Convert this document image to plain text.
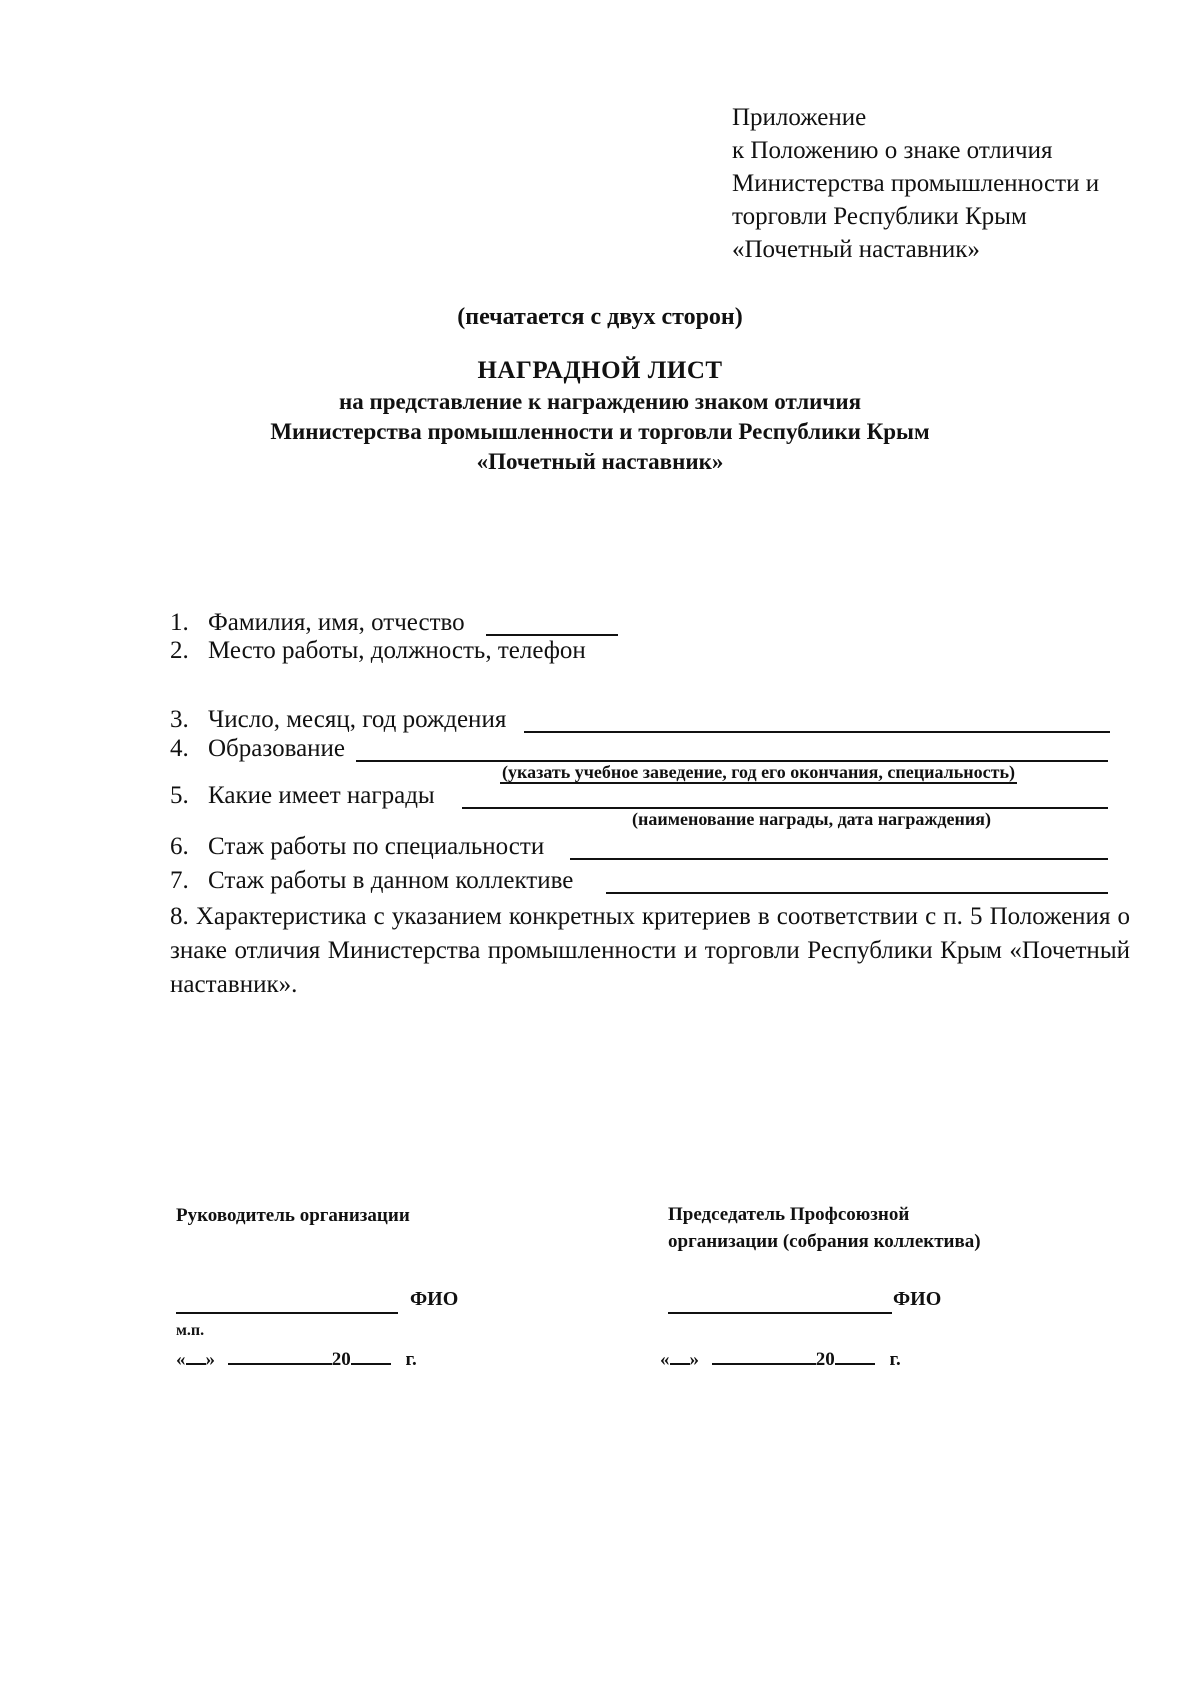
Приложение
к Положению о знаке отличия
Министерства промышленности и
торговли Республики Крым
«Почетный наставник»
(печатается с двух сторон)
НАГРАДНОЙ ЛИСТ
на представление к награждению знаком отличия
Министерства промышленности и торговли Республики Крым
«Почетный наставник»
1. Фамилия, имя, отчество
2. Место работы, должность, телефон
3. Число, месяц, год рождения
4. Образование
(указать учебное заведение, год его окончания, специальность)
5. Какие имеет награды
(наименование награды, дата награждения)
6. Стаж работы по специальности
7. Стаж работы в данном коллективе
8. Характеристика с указанием конкретных критериев в соответствии с п. 5 Положения о знаке отличия Министерства промышленности и торговли Республики Крым «Почетный наставник».
Руководитель организации
ФИО
м.п.
« »	20	г.
Председатель Профсоюзной
организации (собрания коллектива)
ФИО
« »	20	г.
